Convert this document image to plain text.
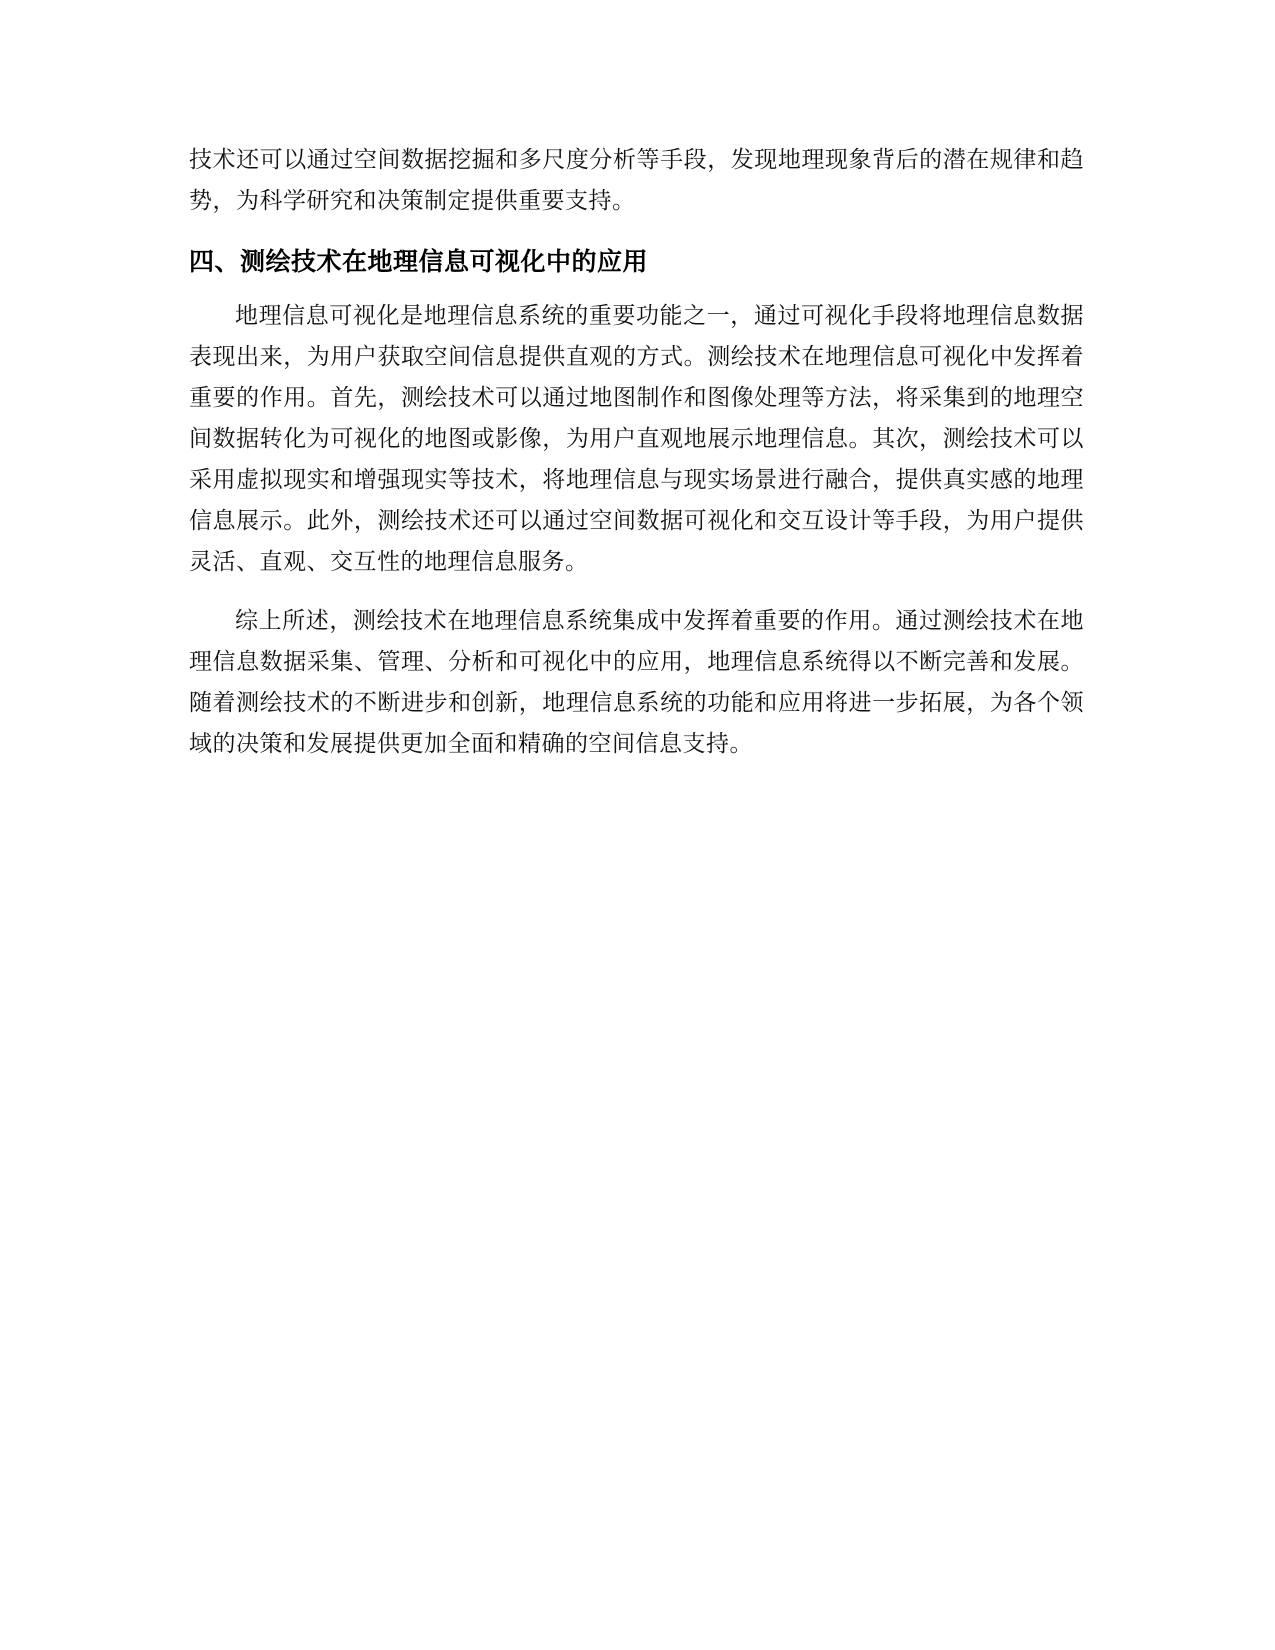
技术还可以通过空间数据挖掘和多尺度分析等手段，发现地理现象背后的潜在规律和趋势，为科学研究和决策制定提供重要支持。

四、测绘技术在地理信息可视化中的应用

地理信息可视化是地理信息系统的重要功能之一，通过可视化手段将地理信息数据表现出来，为用户获取空间信息提供直观的方式。测绘技术在地理信息可视化中发挥着重要的作用。首先，测绘技术可以通过地图制作和图像处理等方法，将采集到的地理空间数据转化为可视化的地图或影像，为用户直观地展示地理信息。其次，测绘技术可以采用虚拟现实和增强现实等技术，将地理信息与现实场景进行融合，提供真实感的地理信息展示。此外，测绘技术还可以通过空间数据可视化和交互设计等手段，为用户提供灵活、直观、交互性的地理信息服务。

综上所述，测绘技术在地理信息系统集成中发挥着重要的作用。通过测绘技术在地理信息数据采集、管理、分析和可视化中的应用，地理信息系统得以不断完善和发展。随着测绘技术的不断进步和创新，地理信息系统的功能和应用将进一步拓展，为各个领域的决策和发展提供更加全面和精确的空间信息支持。
